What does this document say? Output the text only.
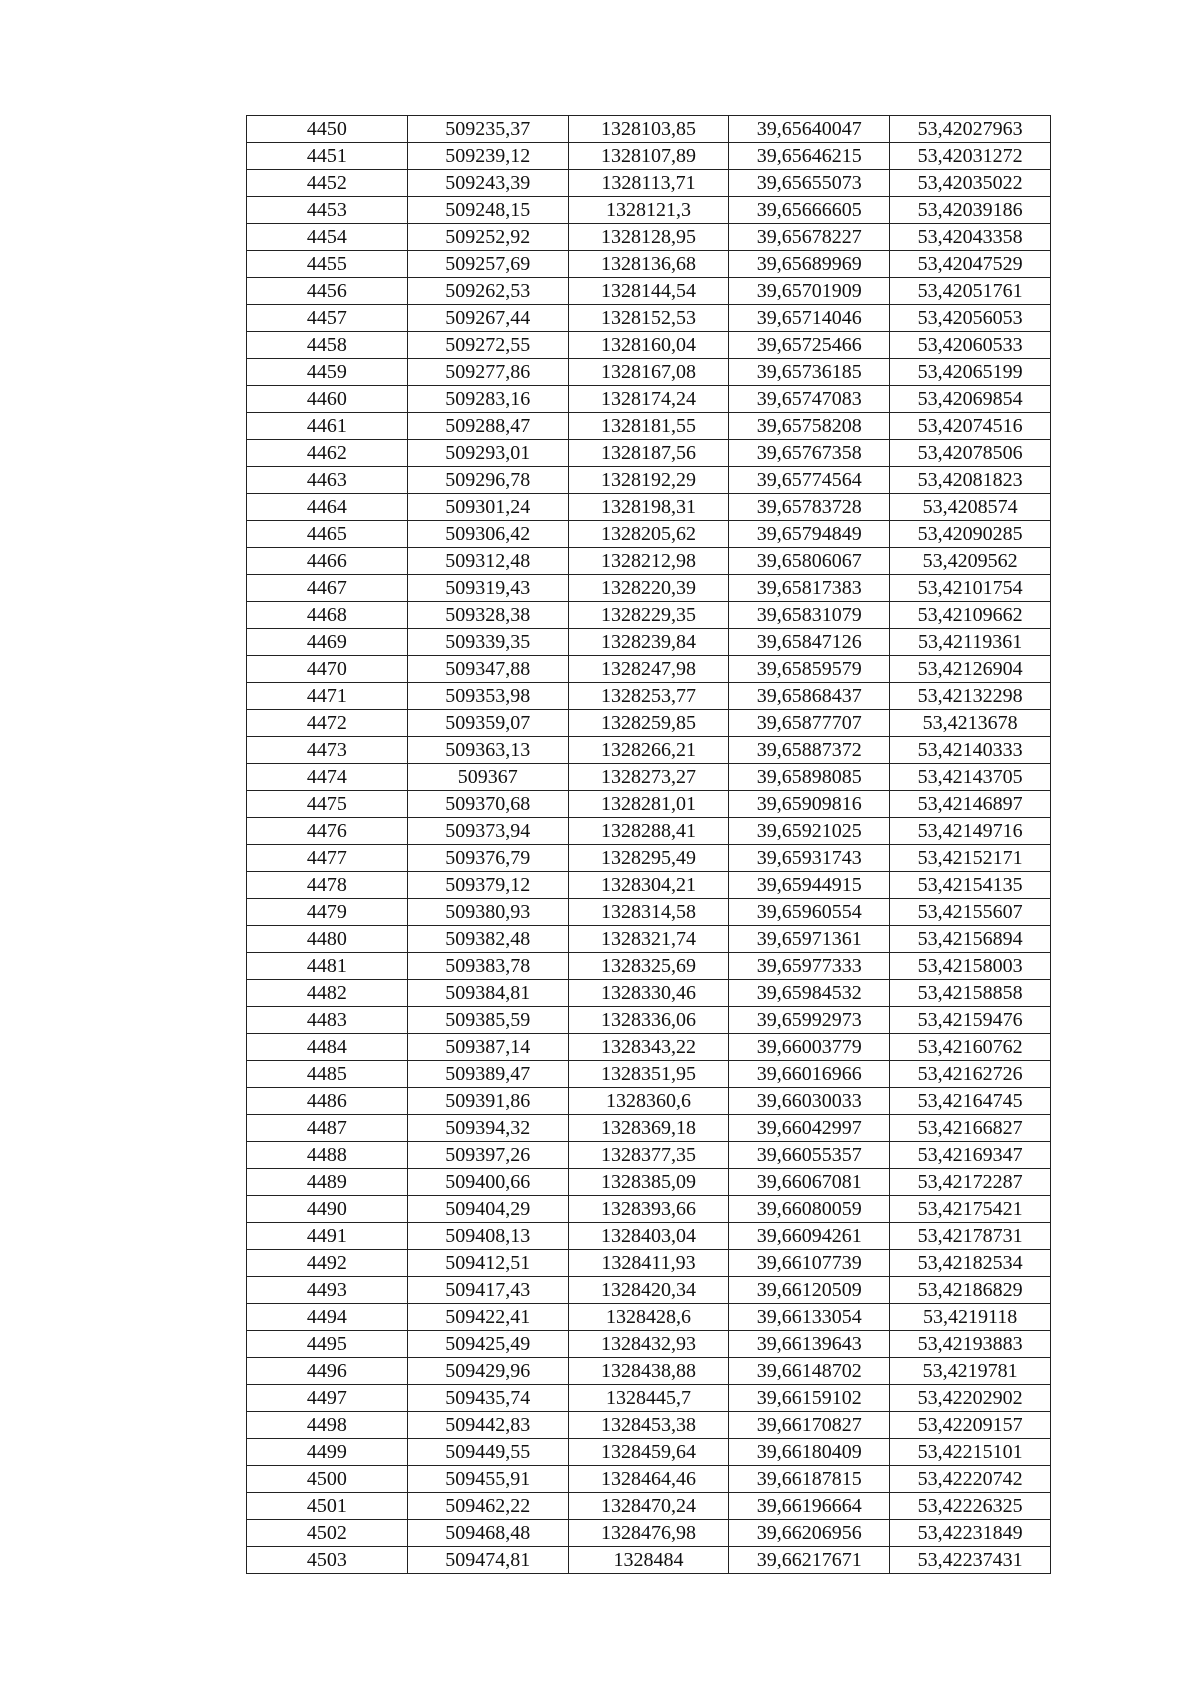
4450	509235,37	1328103,85	39,65640047	53,42027963
4451	509239,12	1328107,89	39,65646215	53,42031272
4452	509243,39	1328113,71	39,65655073	53,42035022
4453	509248,15	1328121,3	39,65666605	53,42039186
4454	509252,92	1328128,95	39,65678227	53,42043358
4455	509257,69	1328136,68	39,65689969	53,42047529
4456	509262,53	1328144,54	39,65701909	53,42051761
4457	509267,44	1328152,53	39,65714046	53,42056053
4458	509272,55	1328160,04	39,65725466	53,42060533
4459	509277,86	1328167,08	39,65736185	53,42065199
4460	509283,16	1328174,24	39,65747083	53,42069854
4461	509288,47	1328181,55	39,65758208	53,42074516
4462	509293,01	1328187,56	39,65767358	53,42078506
4463	509296,78	1328192,29	39,65774564	53,42081823
4464	509301,24	1328198,31	39,65783728	53,4208574
4465	509306,42	1328205,62	39,65794849	53,42090285
4466	509312,48	1328212,98	39,65806067	53,4209562
4467	509319,43	1328220,39	39,65817383	53,42101754
4468	509328,38	1328229,35	39,65831079	53,42109662
4469	509339,35	1328239,84	39,65847126	53,42119361
4470	509347,88	1328247,98	39,65859579	53,42126904
4471	509353,98	1328253,77	39,65868437	53,42132298
4472	509359,07	1328259,85	39,65877707	53,4213678
4473	509363,13	1328266,21	39,65887372	53,42140333
4474	509367	1328273,27	39,65898085	53,42143705
4475	509370,68	1328281,01	39,65909816	53,42146897
4476	509373,94	1328288,41	39,65921025	53,42149716
4477	509376,79	1328295,49	39,65931743	53,42152171
4478	509379,12	1328304,21	39,65944915	53,42154135
4479	509380,93	1328314,58	39,65960554	53,42155607
4480	509382,48	1328321,74	39,65971361	53,42156894
4481	509383,78	1328325,69	39,65977333	53,42158003
4482	509384,81	1328330,46	39,65984532	53,42158858
4483	509385,59	1328336,06	39,65992973	53,42159476
4484	509387,14	1328343,22	39,66003779	53,42160762
4485	509389,47	1328351,95	39,66016966	53,42162726
4486	509391,86	1328360,6	39,66030033	53,42164745
4487	509394,32	1328369,18	39,66042997	53,42166827
4488	509397,26	1328377,35	39,66055357	53,42169347
4489	509400,66	1328385,09	39,66067081	53,42172287
4490	509404,29	1328393,66	39,66080059	53,42175421
4491	509408,13	1328403,04	39,66094261	53,42178731
4492	509412,51	1328411,93	39,66107739	53,42182534
4493	509417,43	1328420,34	39,66120509	53,42186829
4494	509422,41	1328428,6	39,66133054	53,4219118
4495	509425,49	1328432,93	39,66139643	53,42193883
4496	509429,96	1328438,88	39,66148702	53,4219781
4497	509435,74	1328445,7	39,66159102	53,42202902
4498	509442,83	1328453,38	39,66170827	53,42209157
4499	509449,55	1328459,64	39,66180409	53,42215101
4500	509455,91	1328464,46	39,66187815	53,42220742
4501	509462,22	1328470,24	39,66196664	53,42226325
4502	509468,48	1328476,98	39,66206956	53,42231849
4503	509474,81	1328484	39,66217671	53,42237431
